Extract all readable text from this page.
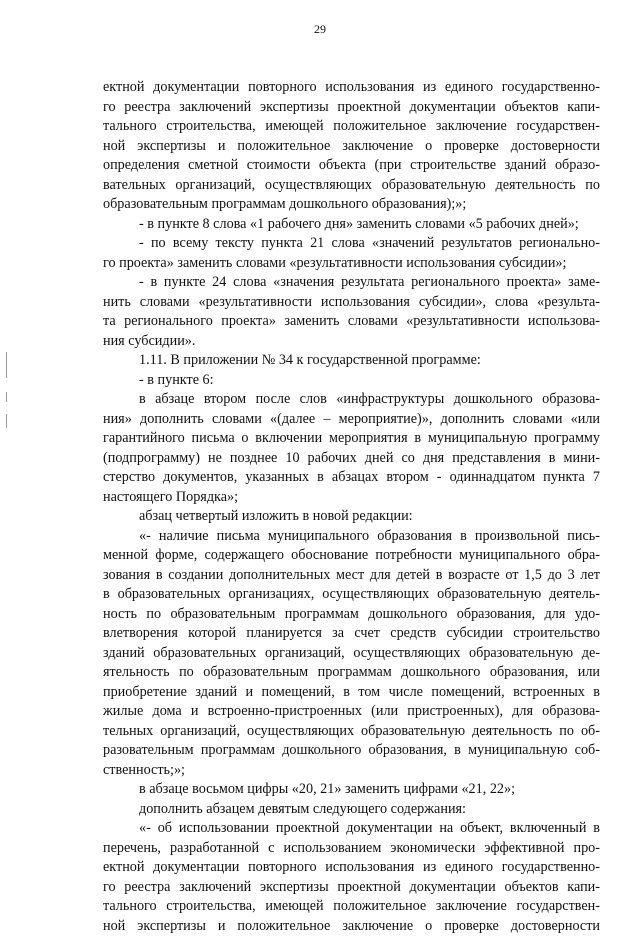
29
ектной документации повторного использования из единого государственно-
го реестра заключений экспертизы проектной документации объектов капи-
тального строительства, имеющей положительное заключение государствен-
ной экспертизы и положительное заключение о проверке достоверности
определения сметной стоимости объекта (при строительстве зданий образо-
вательных организаций, осуществляющих образовательную деятельность по
образовательным программам дошкольного образования);»;
- в пункте 8 слова «1 рабочего дня» заменить словами «5 рабочих дней»;
- по всему тексту пункта 21 слова «значений результатов регионально-
го проекта» заменить словами «результативности использования субсидии»;
- в пункте 24 слова «значения результата регионального проекта» заме-
нить словами «результативности использования субсидии», слова «результа-
та регионального проекта» заменить словами «результативности использова-
ния субсидии».
1.11. В приложении № 34 к государственной программе:
- в пункте 6:
в абзаце втором после слов «инфраструктуры дошкольного образова-
ния» дополнить словами «(далее – мероприятие)», дополнить словами «или
гарантийного письма о включении мероприятия в муниципальную программу
(подпрограмму) не позднее 10 рабочих дней со дня представления в мини-
стерство документов, указанных в абзацах втором - одиннадцатом пункта 7
настоящего Порядка»;
абзац четвертый изложить в новой редакции:
«- наличие письма муниципального образования в произвольной пись-
менной форме, содержащего обоснование потребности муниципального обра-
зования в создании дополнительных мест для детей в возрасте от 1,5 до 3 лет
в образовательных организациях, осуществляющих образовательную деятель-
ность по образовательным программам дошкольного образования, для удо-
влетворения которой планируется за счет средств субсидии строительство
зданий образовательных организаций, осуществляющих образовательную де-
ятельность по образовательным программам дошкольного образования, или
приобретение зданий и помещений, в том числе помещений, встроенных в
жилые дома и встроенно-пристроенных (или пристроенных), для образова-
тельных организаций, осуществляющих образовательную деятельность по об-
разовательным программам дошкольного образования, в муниципальную соб-
ственность;»;
в абзаце восьмом цифры «20, 21» заменить цифрами «21, 22»;
дополнить абзацем девятым следующего содержания:
«- об использовании проектной документации на объект, включенный в
перечень, разработанной с использованием экономически эффективной про-
ектной документации повторного использования из единого государственно-
го реестра заключений экспертизы проектной документации объектов капи-
тального строительства, имеющей положительное заключение государствен-
ной экспертизы и положительное заключение о проверке достоверности
